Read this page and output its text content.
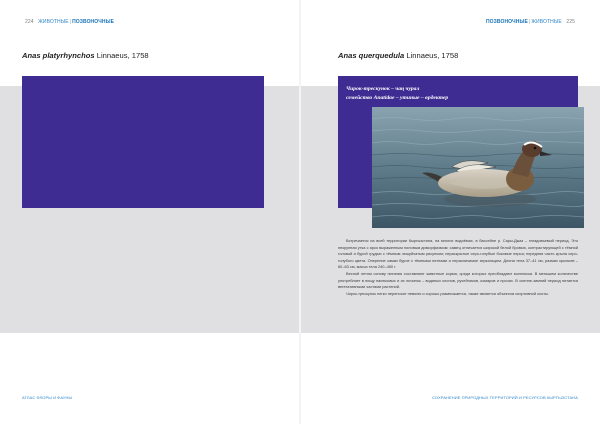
224 ЖИВОТНЫЕ|ПОЗВОНОЧНЫЕ
Anas platyrhynchos Linnaeus, 1758
ПОЗВОНОЧНЫЕ|ЖИВОТНЫЕ 225
Anas querquedula Linnaeus, 1758
Чирок-трескунок – чаң чурал
семейство Anatidae – утиные – өрдектер

Встречается на всей территории Кыргызстана, на многих водоёмах, в бассейне р. Сары-Джаз – гнездовьевый период. Это некрупная утка с ярко выраженным половым диморфизмом: самец отличается широкой белой бровью, контрастирующей с тёмной головой и бурой грудью с тёмным чешуйчатым рисунком; нераскрытые серо-голубые боковые перья; передняя часть крыла серо-голубого цвета. Оперение самки бурое с тёмными пятнами и неразличимое зеркальцем. Длина тела 37–41 см, размах крыльев – 60–63 см, масса тела 240–450 г.

Весной летом основу питания составляют животные корма, среди которых преобладают моллюски. В меньшем количестве употребляет в пищу насекомых и их личинок – водяных клопов, ручейников, комаров и прочих. В осенне-зимний период питается вегетативными частями растений.

Чирок-трескунок легко переносит неволю и хорошо размножается, также является объектом спортивной охоты.

АТЛАС ФЛОРЫ И ФАУНЫ	СОХРАНЕНИЕ ПРИРОДНЫХ ТЕРРИТОРИЙ И РЕСУРСОВ КЫРГЫЗСТАНА
